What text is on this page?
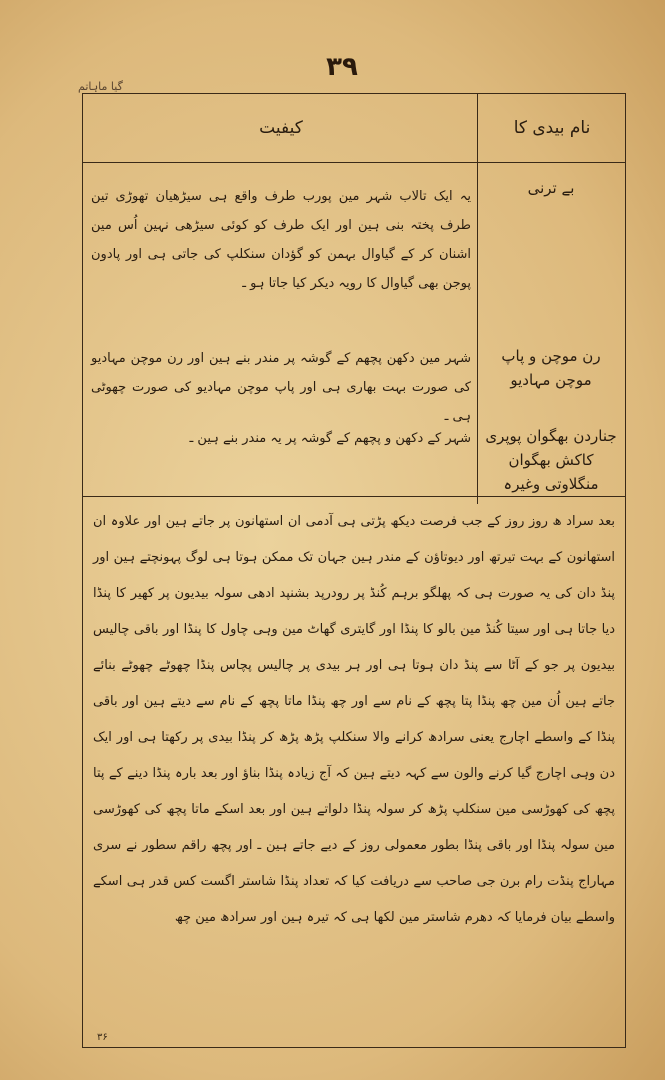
۳۹
گیا ماہاتم
کیفیت	نام بیدی کا
بے ترنی
یہ ایک تالاب شہر مین پورب طرف واقع ہی سیڑھیان تھوڑی تین طرف پختہ بنی ہین اور ایک طرف کو کوئی سیڑھی نہین اُس مین اشنان کر کے گیاوال بہمن کو گؤدان سنکلپ کی جاتی ہی اور پادون پوجن بھی گیاوال کا رویہ دیکر کیا جاتا ہو ـ
رن موچن و پاپ موچن مہادیو
شہر مین دکھن پچھم کے گوشہ پر مندر بنے ہین اور رن موچن مہادیو کی صورت بہت بھاری ہی اور پاپ موچن مہادیو کی صورت چھوٹی ہی ـ
جناردن بھگوان پوپری کاکش بھگوان منگلاوتی وغیرہ
شہر کے دکھن و پچھم کے گوشہ پر یہ مندر بنے ہین ـ
بعد سراد ھ روز روز کے جب فرصت دیکھ پڑتی ہی آدمی ان استھانون پر جاتے ہین اور علاوہ ان استھانون کے بہت تیرتھ اور دیوتاؤن کے مندر ہین جہان تک ممکن ہوتا ہی لوگ پہونچتے ہین اور پنڈ دان کی یہ صورت ہی کہ پھلگو برہم کُنڈ پر رودرپد بشنپد ادھی سولہ بیدیون پر کھیر کا پنڈا دیا جاتا ہی اور سیتا کُنڈ مین بالو کا پنڈا اور گایتری گھاٹ مین وہی چاول کا پنڈا اور باقی چالیس بیدیون پر جو کے آٹا سے پنڈ دان ہوتا ہی اور ہر بیدی پر چالیس پچاس پنڈا چھوٹے چھوٹے بنائے جاتے ہین اُن مین چھ پنڈا پتا پچھ کے نام سے اور چھ پنڈا ماتا پچھ کے نام سے دیتے ہین اور باقی پنڈا کے واسطے اچارج یعنی سرادھ کرانے والا سنکلپ پڑھ پڑھ کر پنڈا بیدی پر رکھتا ہی اور ایک دن وہی اچارج گیا کرنے والون سے کہہ دیتے ہین کہ آج زیادہ پنڈا بناؤ اور بعد بارہ پنڈا دینے کے پتا پچھ کی کھوڑسی مین سنکلپ پڑھ کر سولہ پنڈا دلواتے ہین اور بعد اسکے ماتا پچھ کی کھوڑسی مین سولہ پنڈا اور باقی پنڈا بطور معمولی روز کے دیے جاتے ہین ـ اور پچھ راقم سطور نے سری مہاراج پنڈت رام برن جی صاحب سے دریافت کیا کہ تعداد پنڈا شاستر اگست کس قدر ہی اسکے واسطے بیان فرمایا کہ دھرم شاستر مین لکھا ہی کہ تیرہ ہین اور سرادھ مین چھ
۳۶
